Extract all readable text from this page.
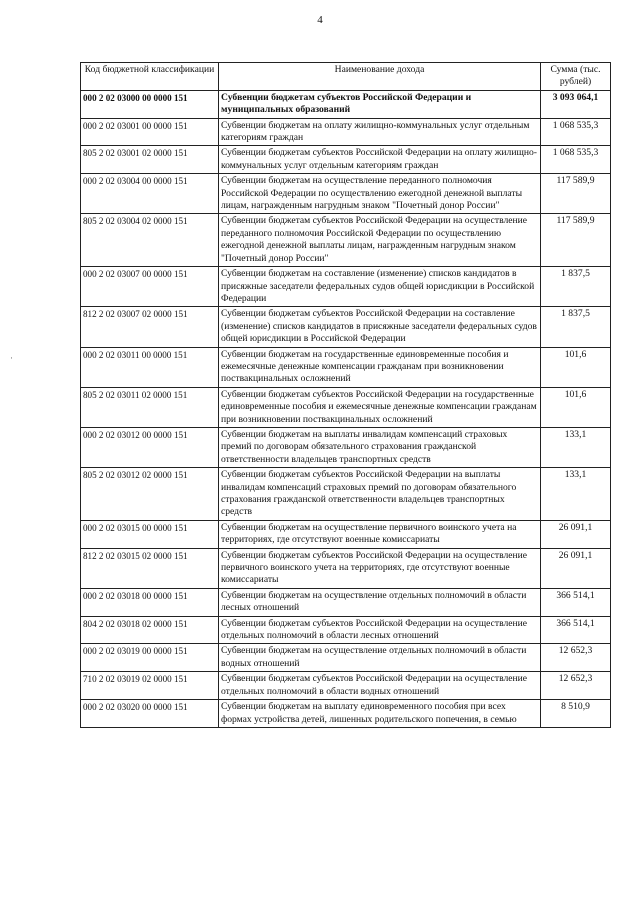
4
·
Код бюджетной классификации	Наименование дохода	Сумма (тыс. рублей)
000 2 02 03000 00 0000 151	Субвенции бюджетам субъектов Российской Федерации и муниципальных образований	3 093 064,1
000 2 02 03001 00 0000 151	Субвенции бюджетам на оплату жилищно-коммунальных услуг отдельным категориям граждан	1 068 535,3
805 2 02 03001 02 0000 151	Субвенции бюджетам субъектов Российской Федерации на оплату жилищно-коммунальных услуг отдельным категориям граждан	1 068 535,3
000 2 02 03004 00 0000 151	Субвенции бюджетам на осуществление переданного полномочия Российской Федерации по осуществлению ежегодной денежной выплаты лицам, награжденным нагрудным знаком "Почетный донор России"	117 589,9
805 2 02 03004 02 0000 151	Субвенции бюджетам субъектов Российской Федерации на осуществление переданного полномочия Российской Федерации по осуществлению ежегодной денежной выплаты лицам, награжденным нагрудным знаком "Почетный донор России"	117 589,9
000 2 02 03007 00 0000 151	Субвенции бюджетам на составление (изменение) списков кандидатов в присяжные заседатели федеральных судов общей юрисдикции в Российской Федерации	1 837,5
812 2 02 03007 02 0000 151	Субвенции бюджетам субъектов Российской Федерации на составление (изменение) списков кандидатов в присяжные заседатели федеральных судов общей юрисдикции в Российской Федерации	1 837,5
000 2 02 03011 00 0000 151	Субвенции бюджетам на государственные единовременные пособия и ежемесячные денежные компенсации гражданам при возникновении поствакцинальных осложнений	101,6
805 2 02 03011 02 0000 151	Субвенции бюджетам субъектов Российской Федерации на государственные единовременные пособия и ежемесячные денежные компенсации гражданам при возникновении поствакцинальных осложнений	101,6
000 2 02 03012 00 0000 151	Субвенции бюджетам на выплаты инвалидам компенсаций страховых премий по договорам обязательного страхования гражданской ответственности владельцев транспортных средств	133,1
805 2 02 03012 02 0000 151	Субвенции бюджетам субъектов Российской Федерации на выплаты инвалидам компенсаций страховых премий по договорам обязательного страхования гражданской ответственности владельцев транспортных средств	133,1
000 2 02 03015 00 0000 151	Субвенции бюджетам на осуществление первичного воинского учета на территориях, где отсутствуют военные комиссариаты	26 091,1
812 2 02 03015 02 0000 151	Субвенции бюджетам субъектов Российской Федерации на осуществление первичного воинского учета на территориях, где отсутствуют военные комиссариаты	26 091,1
000 2 02 03018 00 0000 151	Субвенции бюджетам на осуществление отдельных полномочий в области лесных отношений	366 514,1
804 2 02 03018 02 0000 151	Субвенции бюджетам субъектов Российской Федерации на осуществление отдельных полномочий в области лесных отношений	366 514,1
000 2 02 03019 00 0000 151	Субвенции бюджетам на осуществление отдельных полномочий в области водных отношений	12 652,3
710 2 02 03019 02 0000 151	Субвенции бюджетам субъектов Российской Федерации на осуществление отдельных полномочий в области водных отношений	12 652,3
000 2 02 03020 00 0000 151	Субвенции бюджетам на выплату единовременного пособия при всех формах устройства детей, лишенных родительского попечения, в семью	8 510,9
